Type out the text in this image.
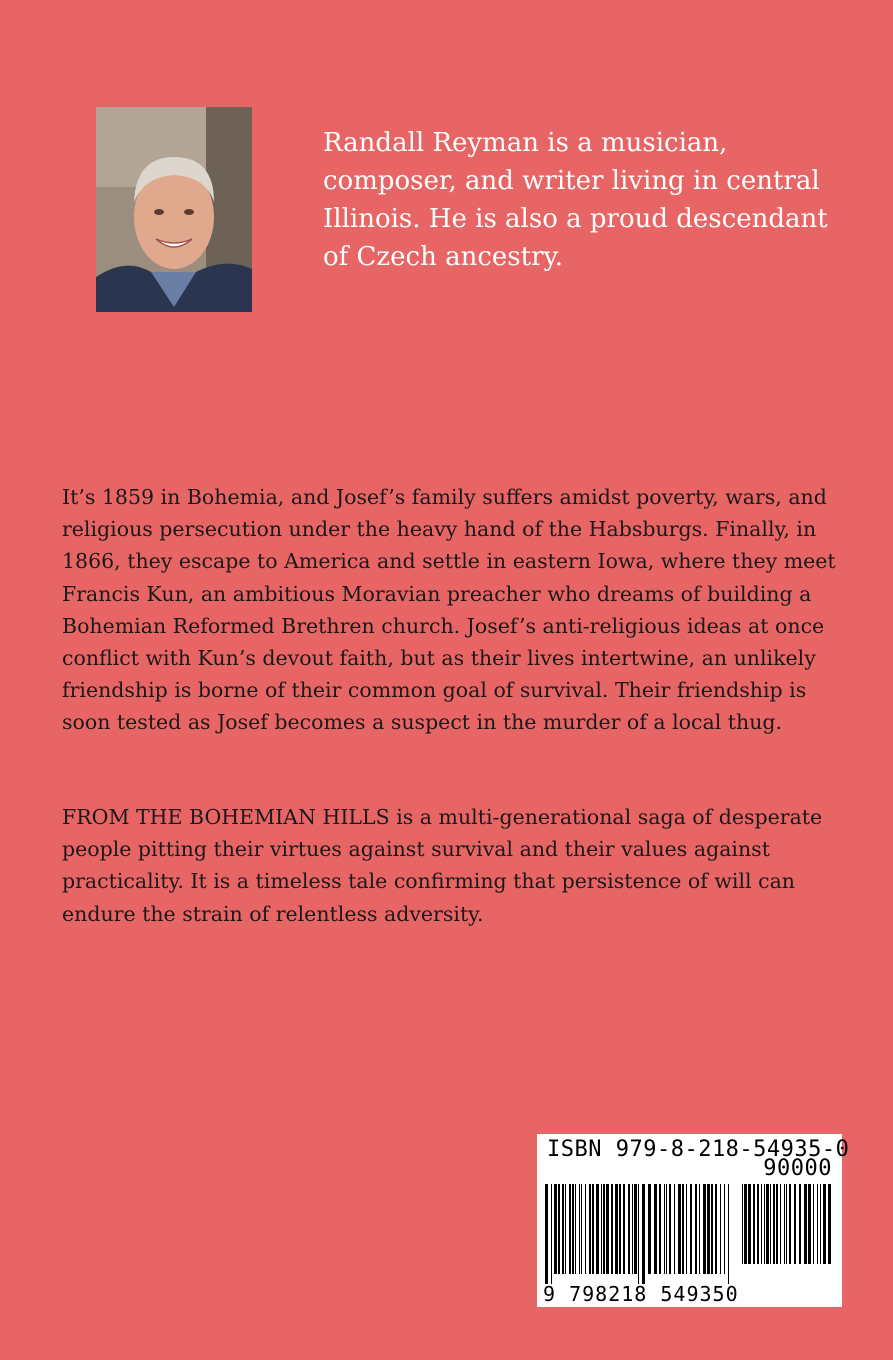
Randall Reyman is a musician, composer, and writer living in central Illinois. He is also a proud descendant of Czech ancestry.

It’s 1859 in Bohemia, and Josef’s family suffers amidst poverty, wars, and religious persecution under the heavy hand of the Habsburgs. Finally, in 1866, they escape to America and settle in eastern Iowa, where they meet Francis Kun, an ambitious Moravian preacher who dreams of building a Bohemian Reformed Brethren church. Josef’s anti-religious ideas at once conflict with Kun’s devout faith, but as their lives intertwine, an unlikely friendship is borne of their common goal of survival. Their friendship is soon tested as Josef becomes a suspect in the murder of a local thug.

FROM THE BOHEMIAN HILLS is a multi-generational saga of desperate people pitting their virtues against survival and their values against practicality. It is a timeless tale confirming that persistence of will can endure the strain of relentless adversity.

ISBN 979-8-218-54935-0
90000
9 798218 549350
